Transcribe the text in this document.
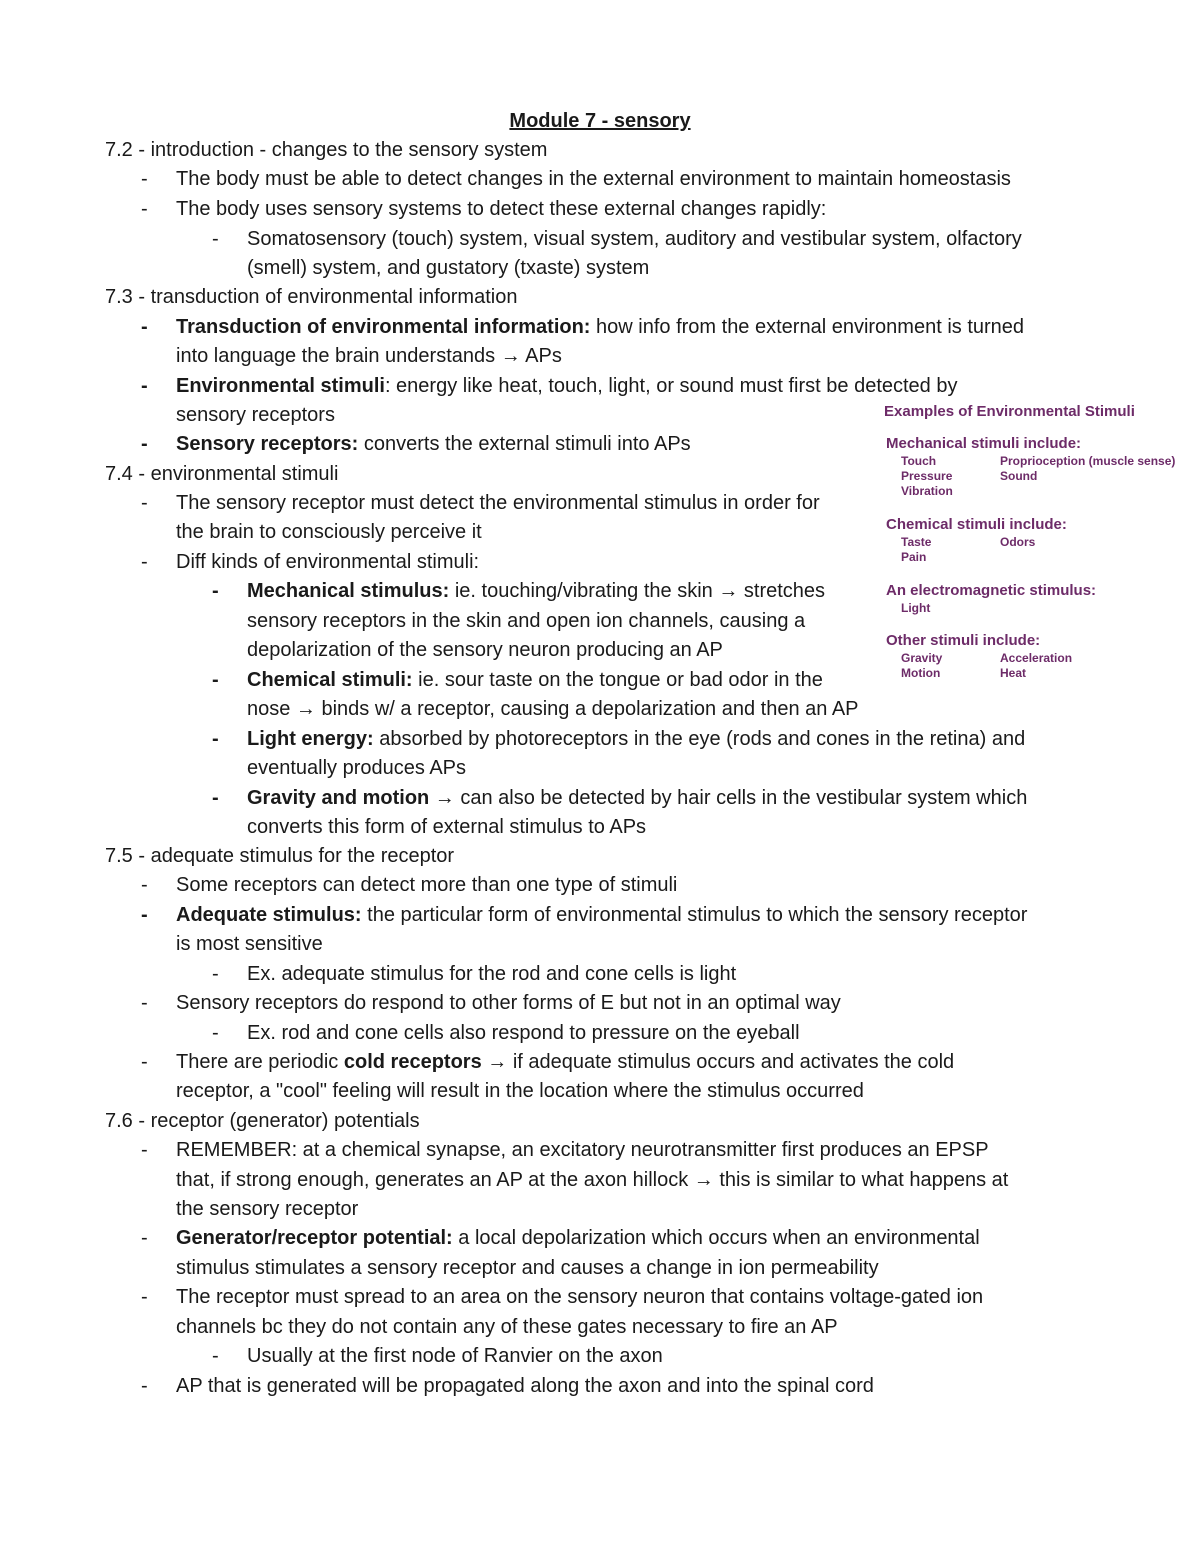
Module 7 - sensory
7.2 - introduction - changes to the sensory system
- The body must be able to detect changes in the external environment to maintain homeostasis
- The body uses sensory systems to detect these external changes rapidly:
- Somatosensory (touch) system, visual system, auditory and vestibular system, olfactory
(smell) system, and gustatory (txaste) system
7.3 - transduction of environmental information
- Transduction of environmental information: how info from the external environment is turned
into language the brain understands → APs
- Environmental stimuli: energy like heat, touch, light, or sound must first be detected by
sensory receptors
- Sensory receptors: converts the external stimuli into APs
7.4 - environmental stimuli
- The sensory receptor must detect the environmental stimulus in order for
the brain to consciously perceive it
- Diff kinds of environmental stimuli:
- Mechanical stimulus: ie. touching/vibrating the skin → stretches
sensory receptors in the skin and open ion channels, causing a
depolarization of the sensory neuron producing an AP
- Chemical stimuli: ie. sour taste on the tongue or bad odor in the
nose → binds w/ a receptor, causing a depolarization and then an AP
- Light energy: absorbed by photoreceptors in the eye (rods and cones in the retina) and
eventually produces APs
- Gravity and motion → can also be detected by hair cells in the vestibular system which
converts this form of external stimulus to APs
7.5 - adequate stimulus for the receptor
- Some receptors can detect more than one type of stimuli
- Adequate stimulus: the particular form of environmental stimulus to which the sensory receptor
is most sensitive
- Ex. adequate stimulus for the rod and cone cells is light
- Sensory receptors do respond to other forms of E but not in an optimal way
- Ex. rod and cone cells also respond to pressure on the eyeball
- There are periodic cold receptors → if adequate stimulus occurs and activates the cold
receptor, a "cool" feeling will result in the location where the stimulus occurred
7.6 - receptor (generator) potentials
- REMEMBER: at a chemical synapse, an excitatory neurotransmitter first produces an EPSP
that, if strong enough, generates an AP at the axon hillock → this is similar to what happens at
the sensory receptor
- Generator/receptor potential: a local depolarization which occurs when an environmental
stimulus stimulates a sensory receptor and causes a change in ion permeability
- The receptor must spread to an area on the sensory neuron that contains voltage-gated ion
channels bc they do not contain any of these gates necessary to fire an AP
- Usually at the first node of Ranvier on the axon
- AP that is generated will be propagated along the axon and into the spinal cord
Examples of Environmental Stimuli
Mechanical stimuli include:
Touch	Proprioception (muscle sense)
Pressure	Sound
Vibration
Chemical stimuli include:
Taste	Odors
Pain
An electromagnetic stimulus:
Light
Other stimuli include:
Gravity	Acceleration
Motion	Heat
